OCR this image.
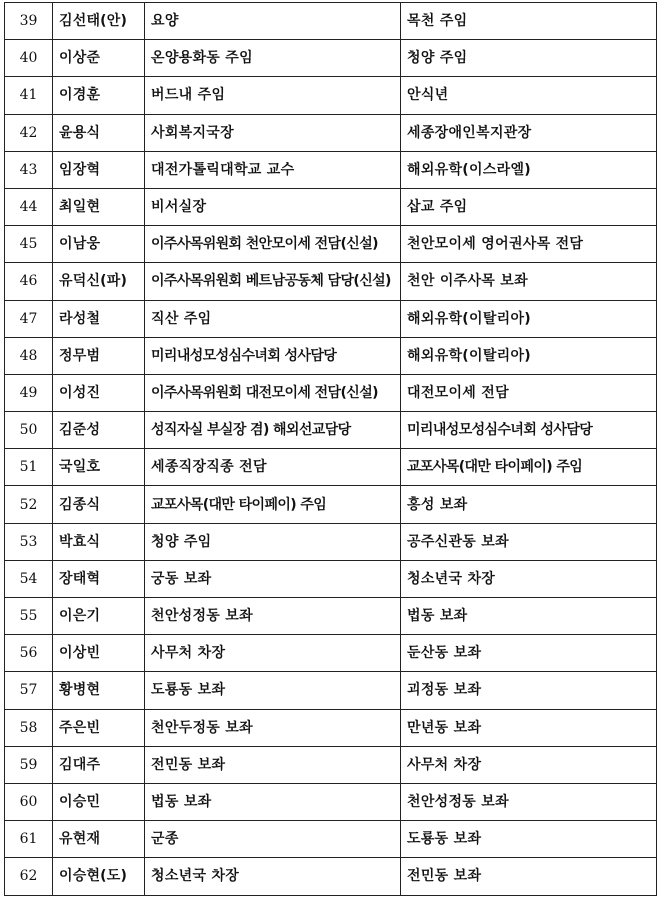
39	김선태(안)	요양	목천 주임
40	이상준	온양용화동 주임	청양 주임
41	이경훈	버드내 주임	안식년
42	윤용식	사회복지국장	세종장애인복지관장
43	임장혁	대전가톨릭대학교 교수	해외유학(이스라엘)
44	최일현	비서실장	삽교 주임
45	이남웅	이주사목위원회 천안모이세 전담(신설)	천안모이세 영어권사목 전담
46	유덕신(파)	이주사목위원회 베트남공동체 담당(신설)	천안 이주사목 보좌
47	라성철	직산 주임	해외유학(이탈리아)
48	정무범	미리내성모성심수녀회 성사담당	해외유학(이탈리아)
49	이성진	이주사목위원회 대전모이세 전담(신설)	대전모이세 전담
50	김준성	성직자실 부실장 겸) 해외선교담당	미리내성모성심수녀회 성사담당
51	국일호	세종직장직종 전담	교포사목(대만 타이페이) 주임
52	김종식	교포사목(대만 타이페이) 주임	홍성 보좌
53	박효식	청양 주임	공주신관동 보좌
54	장태혁	궁동 보좌	청소년국 차장
55	이은기	천안성정동 보좌	법동 보좌
56	이상빈	사무처 차장	둔산동 보좌
57	황병현	도룡동 보좌	괴정동 보좌
58	주은빈	천안두정동 보좌	만년동 보좌
59	김대주	전민동 보좌	사무처 차장
60	이승민	법동 보좌	천안성정동 보좌
61	유현재	군종	도룡동 보좌
62	이승현(도)	청소년국 차장	전민동 보좌
